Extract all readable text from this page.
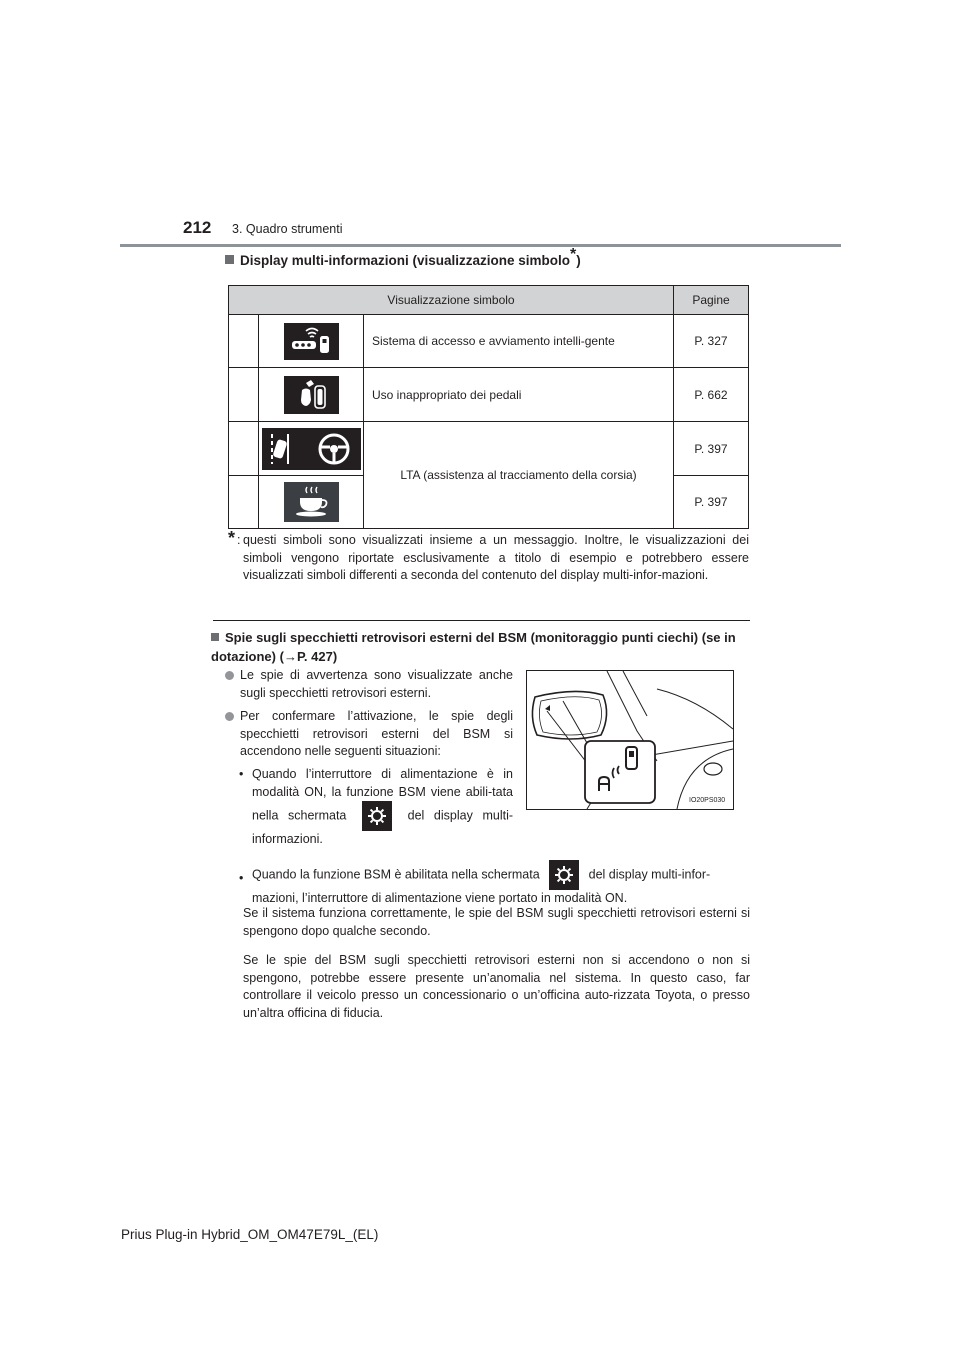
212 3. Quadro strumenti
Display multi-informazioni (visualizzazione simbolo*)
Visualizzazione simbolo			Pagine
		Sistema di accesso e avviamento intelli-gente	P. 327
		Uso inappropriato dei pedali	P. 662
		LTA (assistenza al tracciamento della corsia)	P. 397
		P. 397
* : questi simboli sono visualizzati insieme a un messaggio. Inoltre, le visualizzazioni dei simboli vengono riportate esclusivamente a titolo di esempio e potrebbero essere visualizzati simboli differenti a seconda del contenuto del display multi-infor-mazioni.
Spie sugli specchietti retrovisori esterni del BSM (monitoraggio punti ciechi) (se in dotazione) (→P. 427)
Le spie di avvertenza sono visualizzate anche sugli specchietti retrovisori esterni.
Per confermare l’attivazione, le spie degli specchietti retrovisori esterni del BSM si accendono nelle seguenti situazioni:
• Quando l’interruttore di alimentazione è in modalità ON, la funzione BSM viene abili-tata nella schermata	del display multi-informazioni.
• Quando la funzione BSM è abilitata nella schermata	del display multi-infor-mazioni, l’interruttore di alimentazione viene portato in modalità ON.
Se il sistema funziona correttamente, le spie del BSM sugli specchietti retrovisori esterni si spengono dopo qualche secondo.
Se le spie del BSM sugli specchietti retrovisori esterni non si accendono o non si spengono, potrebbe essere presente un’anomalia nel sistema. In questo caso, far controllare il veicolo presso un concessionario o un’officina auto-rizzata Toyota, o presso un’altra officina di fiducia.
IO20PS030
Prius Plug-in Hybrid_OM_OM47E79L_(EL)
